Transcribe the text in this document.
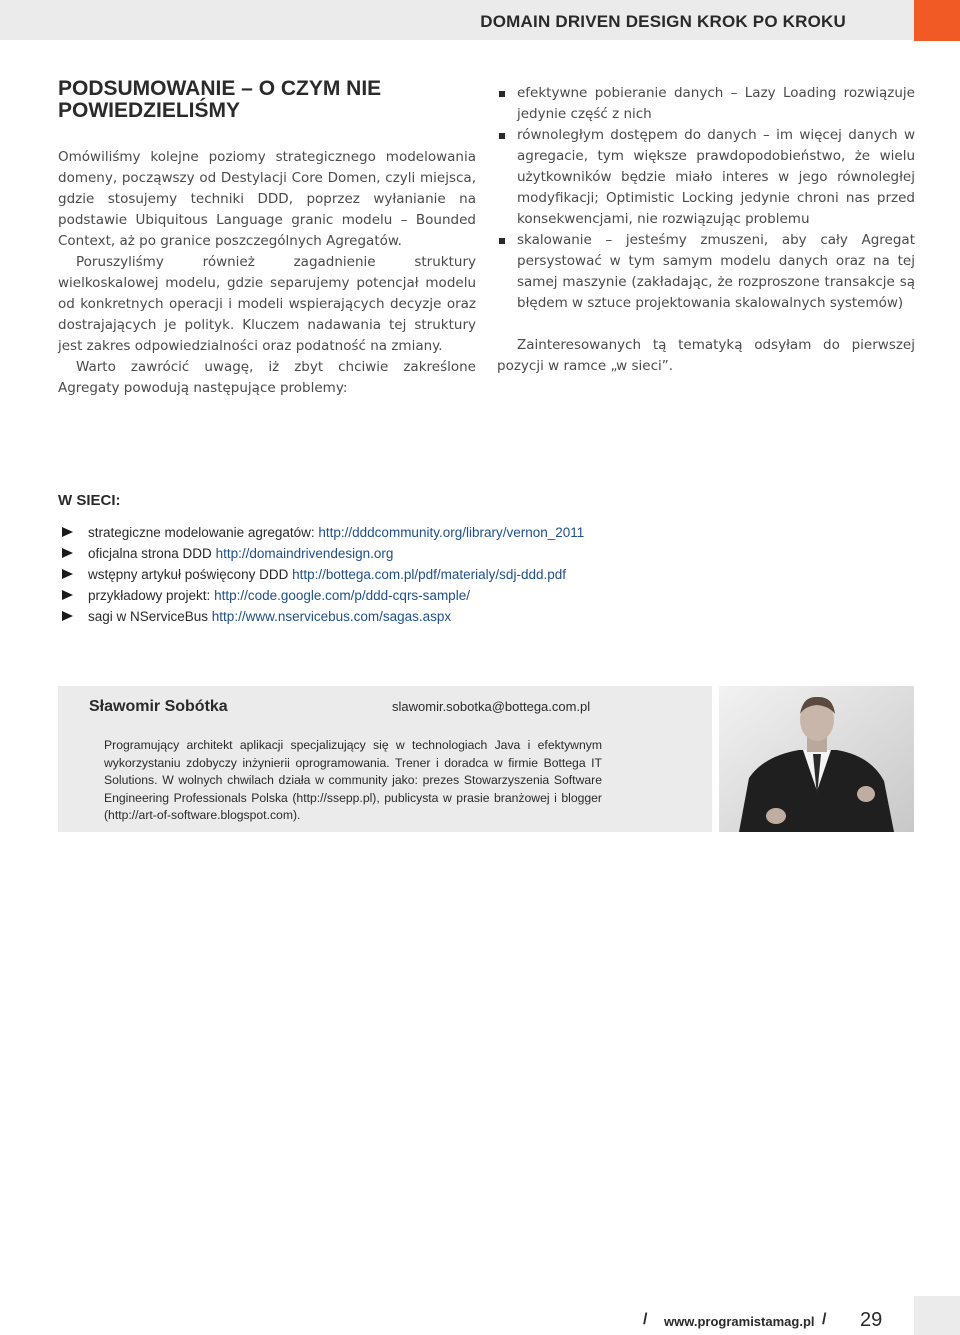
DOMAIN DRIVEN DESIGN KROK PO KROKU
PODSUMOWANIE – O CZYM NIE POWIEDZIELIŚMY

Omówiliśmy kolejne poziomy strategicznego modelowania domeny, począwszy od Destylacji Core Domen, czyli miejsca, gdzie stosujemy techniki DDD, poprzez wyłanianie na podstawie Ubiquitous Language granic modelu – Bounded Context, aż po granice poszczególnych Agregatów.

Poruszyliśmy również zagadnienie struktury wielkoskalowej modelu, gdzie separujemy potencjał modelu od konkretnych operacji i modeli wspierających decyzje oraz dostrajających je polityk. Kluczem nadawania tej struktury jest zakres odpowiedzialności oraz podatność na zmiany.

Warto zawrócić uwagę, iż zbyt chciwie zakreślone Agregaty powodują następujące problemy:

efektywne pobieranie danych – Lazy Loading rozwiązuje jedynie część z nich
równoległym dostępem do danych – im więcej danych w agregacie, tym większe prawdopodobieństwo, że wielu użytkowników będzie miało interes w jego równoległej modyfikacji; Optimistic Locking jedynie chroni nas przed konsekwencjami, nie rozwiązując problemu
skalowanie – jesteśmy zmuszeni, aby cały Agregat persystować w tym samym modelu danych oraz na tej samej maszynie (zakładając, że rozproszone transakcje są błędem w sztuce projektowania skalowalnych systemów)

Zainteresowanych tą tematyką odsyłam do pierwszej pozycji w ramce „w sieci”.

W SIECI:
strategiczne modelowanie agregatów: http://dddcommunity.org/library/vernon_2011
oficjalna strona DDD http://domaindrivendesign.org
wstępny artykuł poświęcony DDD http://bottega.com.pl/pdf/materialy/sdj-ddd.pdf
przykładowy projekt: http://code.google.com/p/ddd-cqrs-sample/
sagi w NServiceBus http://www.nservicebus.com/sagas.aspx
Sławomir Sobótka	slawomir.sobotka@bottega.com.pl
Programujący architekt aplikacji specjalizujący się w technologiach Java i efektywnym wykorzystaniu zdobyczy inżynierii oprogramowania. Trener i doradca w firmie Bottega IT Solutions. W wolnych chwilach działa w community jako: prezes Stowarzyszenia Software Engineering Professionals Polska (http://ssepp.pl), publicysta w prasie branżowej i blogger (http://art-of-software.blogspot.com).
/ www.programistamag.pl / 29
